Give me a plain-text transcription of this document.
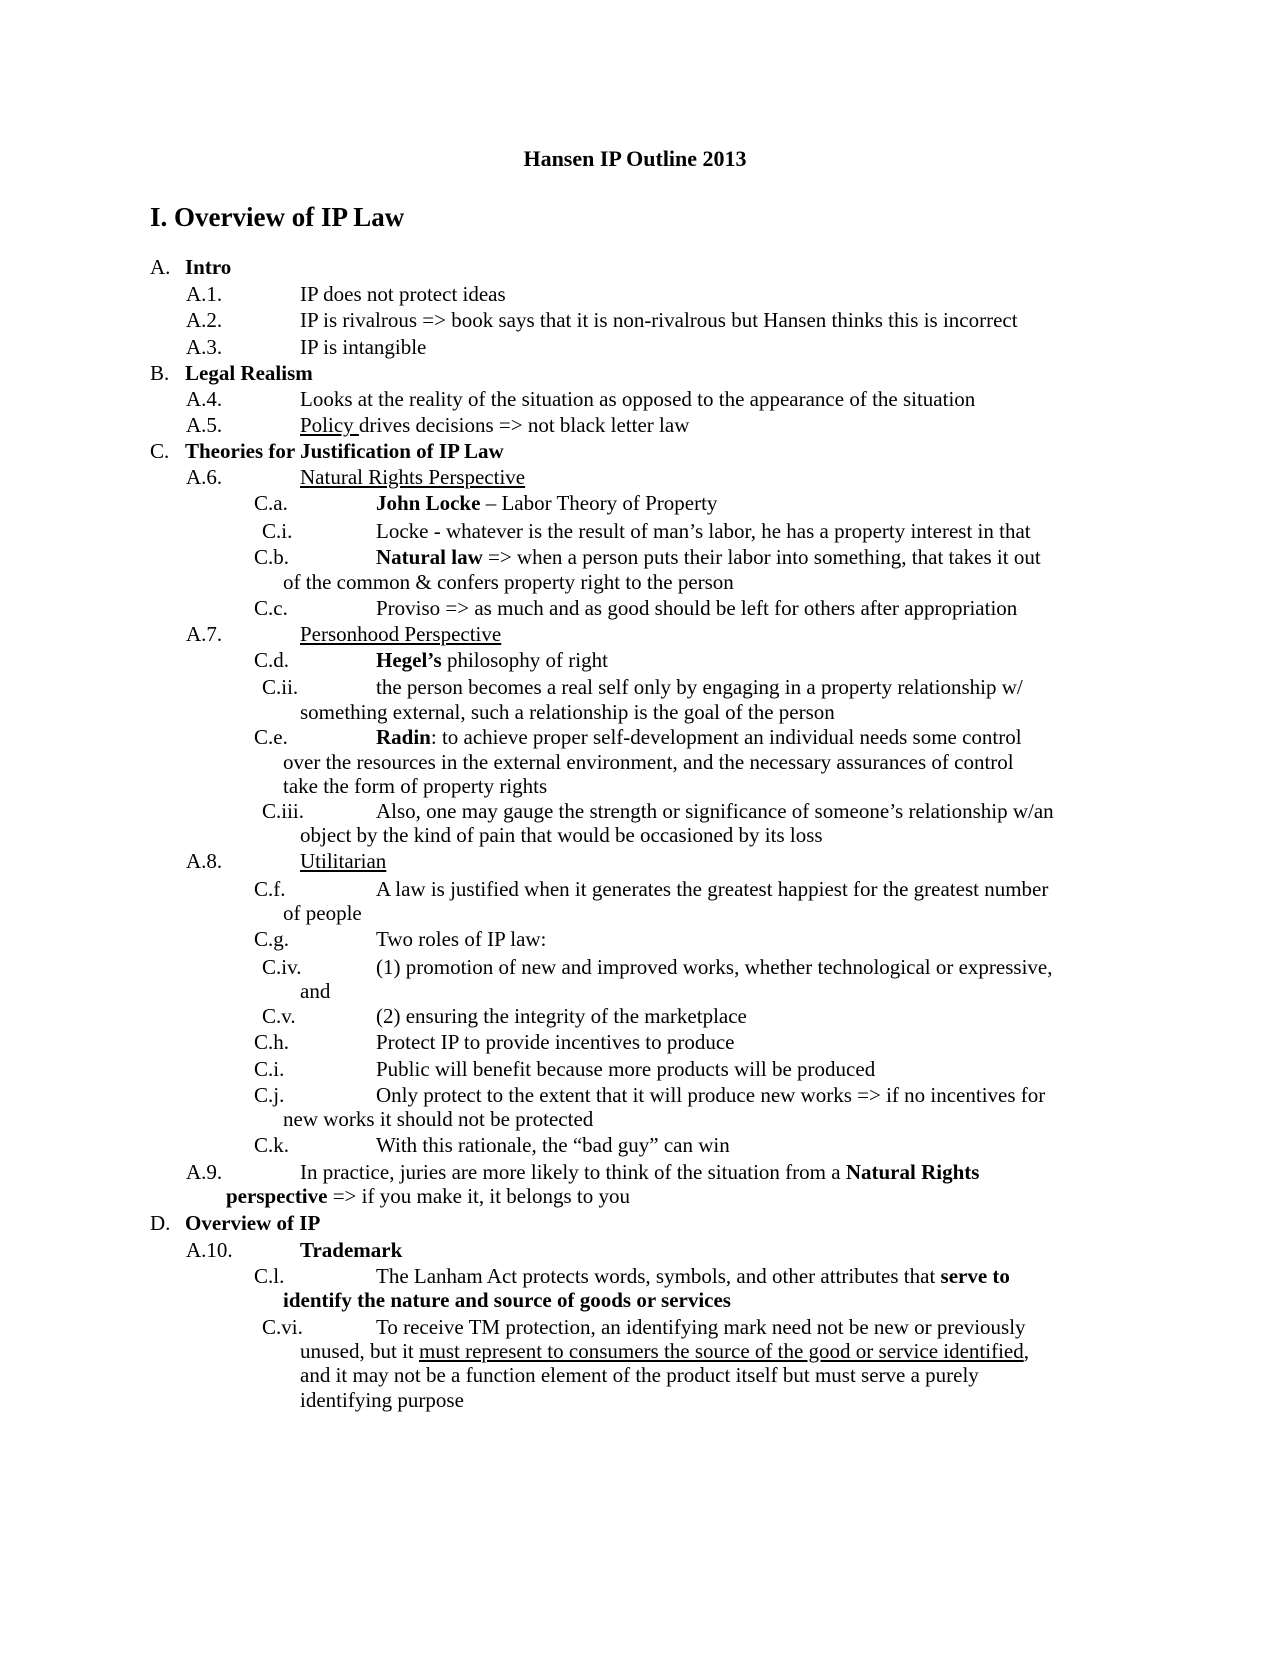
Hansen IP Outline 2013
I. Overview of IP Law
A. Intro
A.1.	IP does not protect ideas
A.2.	IP is rivalrous => book says that it is non-rivalrous but Hansen thinks this is incorrect
A.3.	IP is intangible
B. Legal Realism
A.4.	Looks at the reality of the situation as opposed to the appearance of the situation
A.5.	Policy drives decisions => not black letter law
C. Theories for Justification of IP Law
A.6.	Natural Rights Perspective
C.a.	John Locke – Labor Theory of Property
C.i.	Locke - whatever is the result of man’s labor, he has a property interest in that
C.b.	Natural law => when a person puts their labor into something, that takes it out
of the common & confers property right to the person
C.c.	Proviso => as much and as good should be left for others after appropriation
A.7.	Personhood Perspective
C.d.	Hegel’s philosophy of right
C.ii.	the person becomes a real self only by engaging in a property relationship w/
something external, such a relationship is the goal of the person
C.e.	Radin: to achieve proper self-development an individual needs some control
over the resources in the external environment, and the necessary assurances of control
take the form of property rights
C.iii.	Also, one may gauge the strength or significance of someone’s relationship w/an
object by the kind of pain that would be occasioned by its loss
A.8.	Utilitarian
C.f.	A law is justified when it generates the greatest happiest for the greatest number
of people
C.g.	Two roles of IP law:
C.iv.	(1) promotion of new and improved works, whether technological or expressive,
and
C.v.	(2) ensuring the integrity of the marketplace
C.h.	Protect IP to provide incentives to produce
C.i.	Public will benefit because more products will be produced
C.j.	Only protect to the extent that it will produce new works => if no incentives for
new works it should not be protected
C.k.	With this rationale, the “bad guy” can win
A.9.	In practice, juries are more likely to think of the situation from a Natural Rights
perspective => if you make it, it belongs to you
D. Overview of IP
A.10.	Trademark
C.l.	The Lanham Act protects words, symbols, and other attributes that serve to
identify the nature and source of goods or services
C.vi.	To receive TM protection, an identifying mark need not be new or previously
unused, but it must represent to consumers the source of the good or service identified,
and it may not be a function element of the product itself but must serve a purely
identifying purpose
